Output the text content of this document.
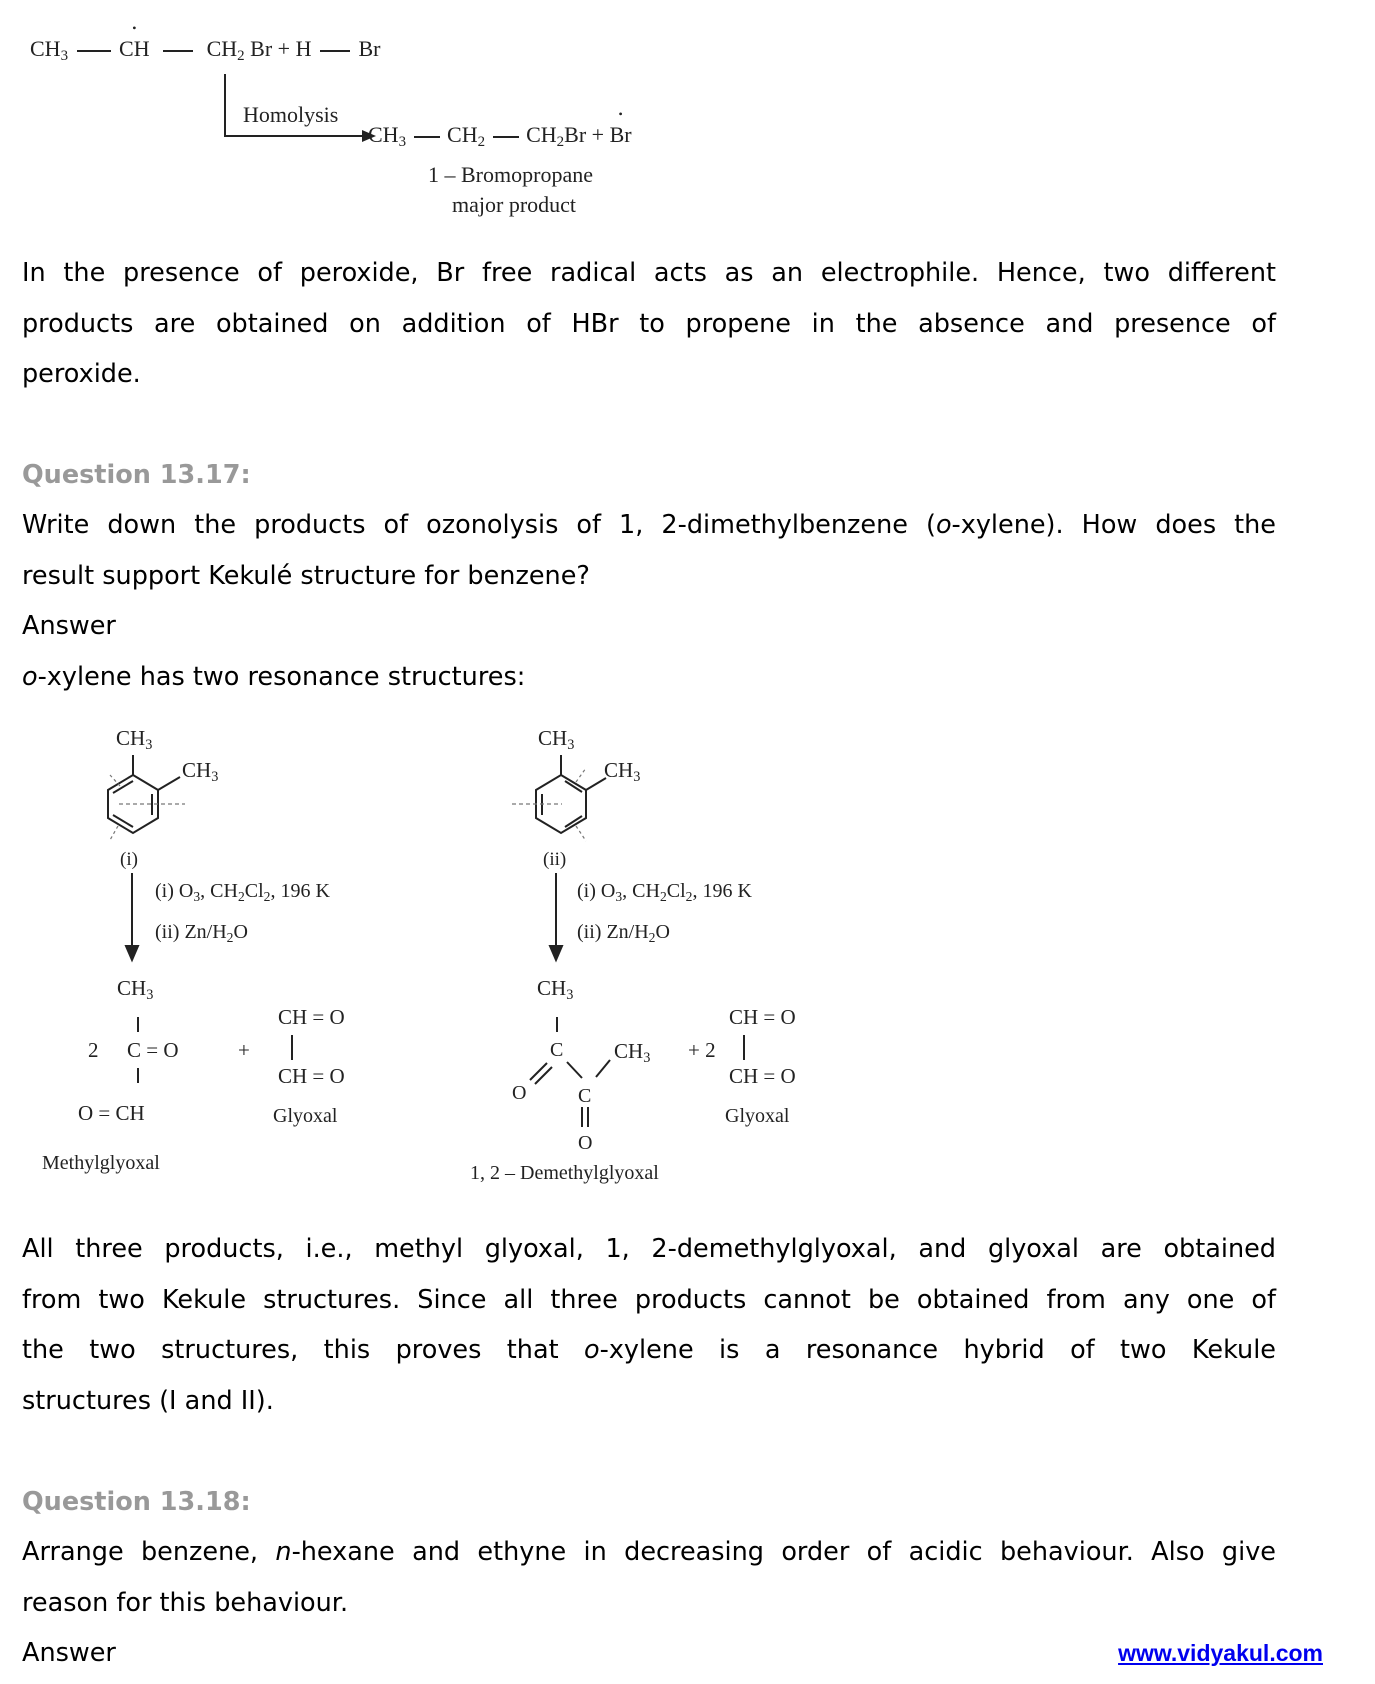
$CH_3$ • CH	$CH_2$ Br + H Br
Homolysis
$CH_3$ $CH_2$ $CH_2Br$ + • Br
1 – Bromopropane
major product
In the presence of peroxide, Br free radical acts as an electrophile. Hence, two different
products are obtained on addition of HBr to propene in the absence and presence of
peroxide.
Question 13.17:
Write down the products of ozonolysis of 1, 2-dimethylbenzene (o-xylene). How does the
result support Kekulé structure for benzene?
Answer
o-xylene has two resonance structures:
$CH_3$
$CH_3$
(i)
(i) $O_3$, $CH_2Cl_2$, 196 K
(ii) $Zn/H_2O$
$CH_3$
2 C = O
O = CH
Methylglyoxal
+
CH = O
CH = O
Glyoxal
$CH_3$
$CH_3$
(ii)
(i) $O_3$, $CH_2Cl_2$, 196 K
(ii) $Zn/H_2O$
$CH_3$
C $CH_3$
O	C
O
1, 2 – Demethylglyoxal
+ 2
CH = O
CH = O
Glyoxal
All three products, i.e., methyl glyoxal, 1, 2-demethylglyoxal, and glyoxal are obtained
from two Kekule structures. Since all three products cannot be obtained from any one of
the two structures, this proves that o-xylene is a resonance hybrid of two Kekule
structures (I and II).
Question 13.18:
Arrange benzene, n-hexane and ethyne in decreasing order of acidic behaviour. Also give
reason for this behaviour.
Answer	www.vidyakul.com
